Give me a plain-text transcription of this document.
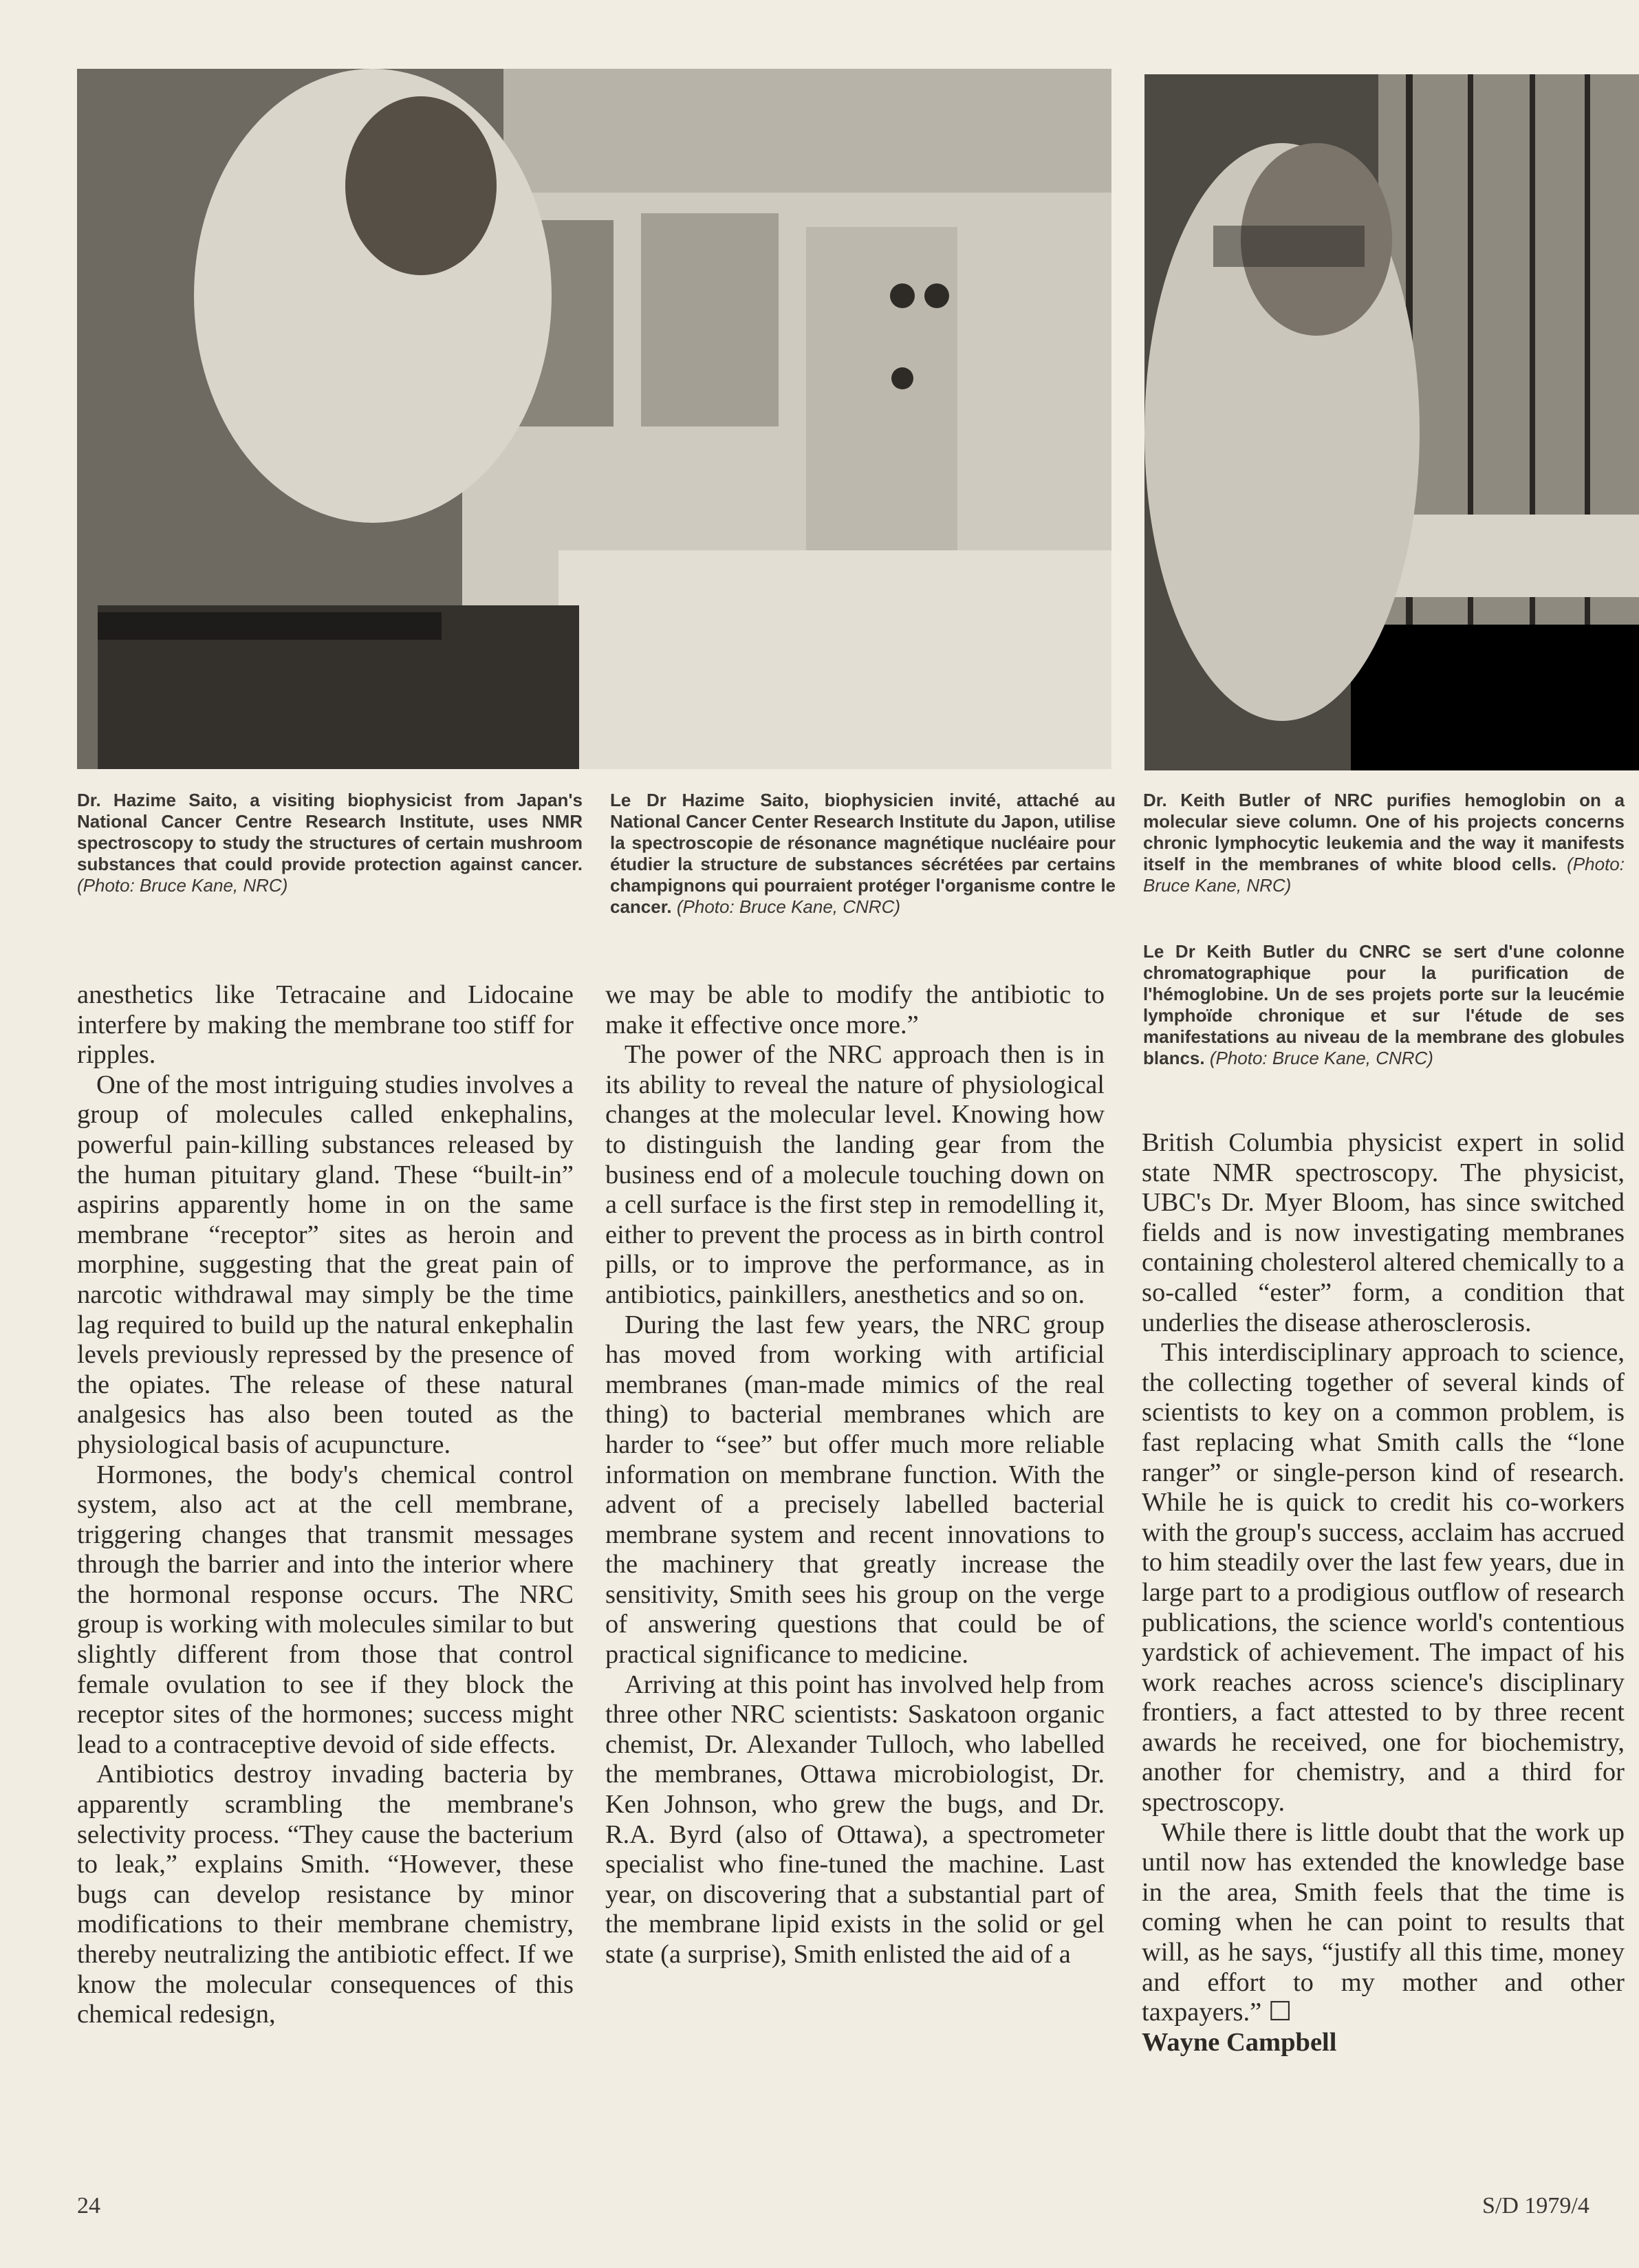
Dr. Hazime Saito, a visiting biophysicist from Japan's National Cancer Centre Research Institute, uses NMR spectroscopy to study the structures of certain mushroom substances that could provide protection against cancer. (Photo: Bruce Kane, NRC)

Le Dr Hazime Saito, biophysicien invité, attaché au National Cancer Center Research Institute du Japon, utilise la spectroscopie de résonance magnétique nucléaire pour étudier la structure de substances sécrétées par certains champignons qui pourraient protéger l'organisme contre le cancer. (Photo: Bruce Kane, CNRC)

Dr. Keith Butler of NRC purifies hemoglobin on a molecular sieve column. One of his projects concerns chronic lymphocytic leukemia and the way it manifests itself in the membranes of white blood cells. (Photo: Bruce Kane, NRC)

Le Dr Keith Butler du CNRC se sert d'une colonne chromatographique pour la purification de l'hémoglobine. Un de ses projets porte sur la leucémie lymphoïde chronique et sur l'étude de ses manifestations au niveau de la membrane des globules blancs. (Photo: Bruce Kane, CNRC)

anesthetics like Tetracaine and Lidocaine interfere by making the membrane too stiff for ripples.

One of the most intriguing studies involves a group of molecules called enkephalins, powerful pain-killing substances released by the human pituitary gland. These “built-in” aspirins apparently home in on the same membrane “receptor” sites as heroin and morphine, suggesting that the great pain of narcotic withdrawal may simply be the time lag required to build up the natural enkephalin levels previously repressed by the presence of the opiates. The release of these natural analgesics has also been touted as the physiological basis of acupuncture.

Hormones, the body's chemical control system, also act at the cell membrane, triggering changes that transmit messages through the barrier and into the interior where the hormonal response occurs. The NRC group is working with molecules similar to but slightly different from those that control female ovulation to see if they block the receptor sites of the hormones; success might lead to a contraceptive devoid of side effects.

Antibiotics destroy invading bacteria by apparently scrambling the membrane's selectivity process. “They cause the bacterium to leak,” explains Smith. “However, these bugs can develop resistance by minor modifications to their membrane chemistry, thereby neutralizing the antibiotic effect. If we know the molecular consequences of this chemical redesign,

we may be able to modify the antibiotic to make it effective once more.”

The power of the NRC approach then is in its ability to reveal the nature of physiological changes at the molecular level. Knowing how to distinguish the landing gear from the business end of a molecule touching down on a cell surface is the first step in remodelling it, either to prevent the process as in birth control pills, or to improve the performance, as in antibiotics, painkillers, anesthetics and so on.

During the last few years, the NRC group has moved from working with artificial membranes (man-made mimics of the real thing) to bacterial membranes which are harder to “see” but offer much more reliable information on membrane function. With the advent of a precisely labelled bacterial membrane system and recent innovations to the machinery that greatly increase the sensitivity, Smith sees his group on the verge of answering questions that could be of practical significance to medicine.

Arriving at this point has involved help from three other NRC scientists: Saskatoon organic chemist, Dr. Alexander Tulloch, who labelled the membranes, Ottawa microbiologist, Dr. Ken Johnson, who grew the bugs, and Dr. R.A. Byrd (also of Ottawa), a spectrometer specialist who fine-tuned the machine. Last year, on discovering that a substantial part of the membrane lipid exists in the solid or gel state (a surprise), Smith enlisted the aid of a

British Columbia physicist expert in solid state NMR spectroscopy. The physicist, UBC's Dr. Myer Bloom, has since switched fields and is now investigating membranes containing cholesterol altered chemically to a so-called “ester” form, a condition that underlies the disease atherosclerosis.

This interdisciplinary approach to science, the collecting together of several kinds of scientists to key on a common problem, is fast replacing what Smith calls the “lone ranger” or single-person kind of research. While he is quick to credit his co-workers with the group's success, acclaim has accrued to him steadily over the last few years, due in large part to a prodigious outflow of research publications, the science world's contentious yardstick of achievement. The impact of his work reaches across science's disciplinary frontiers, a fact attested to by three recent awards he received, one for biochemistry, another for chemistry, and a third for spectroscopy.

While there is little doubt that the work up until now has extended the knowledge base in the area, Smith feels that the time is coming when he can point to results that will, as he says, “justify all this time, money and effort to my mother and other taxpayers.” ☐

Wayne Campbell

24	S/D 1979/4
